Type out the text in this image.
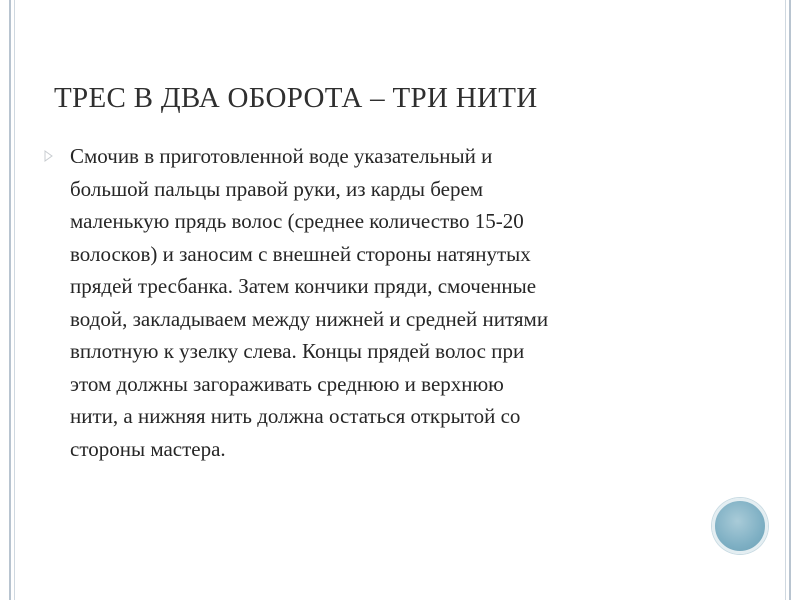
ТРЕС В ДВА ОБОРОТА – ТРИ НИТИ
Смочив в приготовленной воде указательный и
большой пальцы правой руки, из карды берем
маленькую прядь волос (среднее количество 15-20
волосков) и заносим с внешней стороны натянутых
прядей тресбанка. Затем кончики пряди, смоченные
водой, закладываем между нижней и средней нитями
вплотную к узелку слева. Концы прядей волос при
этом должны загораживать среднюю и верхнюю
нити, а нижняя нить должна остаться открытой со
стороны мастера.
